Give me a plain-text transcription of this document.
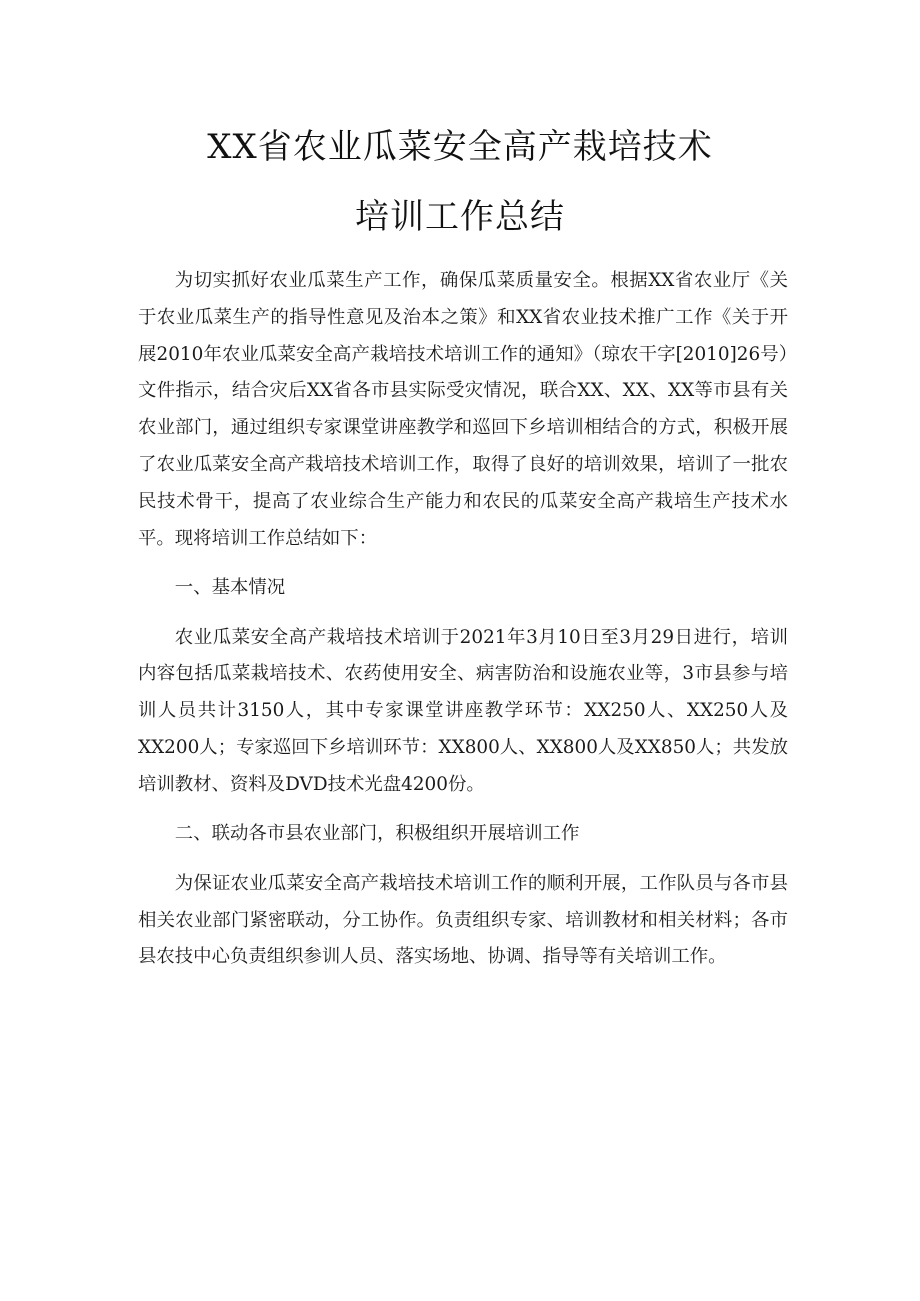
XX省农业瓜菜安全高产栽培技术
培训工作总结

为切实抓好农业瓜菜生产工作，确保瓜菜质量安全。根据XX省农业厅《关于农业瓜菜生产的指导性意见及治本之策》和XX省农业技术推广工作《关于开展2010年农业瓜菜安全高产栽培技术培训工作的通知》（琼农干字[2010]26号）文件指示，结合灾后XX省各市县实际受灾情况，联合XX、XX、XX等市县有关农业部门，通过组织专家课堂讲座教学和巡回下乡培训相结合的方式，积极开展了农业瓜菜安全高产栽培技术培训工作，取得了良好的培训效果，培训了一批农民技术骨干，提高了农业综合生产能力和农民的瓜菜安全高产栽培生产技术水平。现将培训工作总结如下：

一、基本情况

农业瓜菜安全高产栽培技术培训于2021年3月10日至3月29日进行，培训内容包括瓜菜栽培技术、农药使用安全、病害防治和设施农业等，3市县参与培训人员共计3150人，其中专家课堂讲座教学环节：XX250人、XX250人及XX200人；专家巡回下乡培训环节：XX800人、XX800人及XX850人；共发放培训教材、资料及DVD技术光盘4200份。

二、联动各市县农业部门，积极组织开展培训工作

为保证农业瓜菜安全高产栽培技术培训工作的顺利开展，工作队员与各市县相关农业部门紧密联动，分工协作。负责组织专家、培训教材和相关材料；各市县农技中心负责组织参训人员、落实场地、协调、指导等有关培训工作。
